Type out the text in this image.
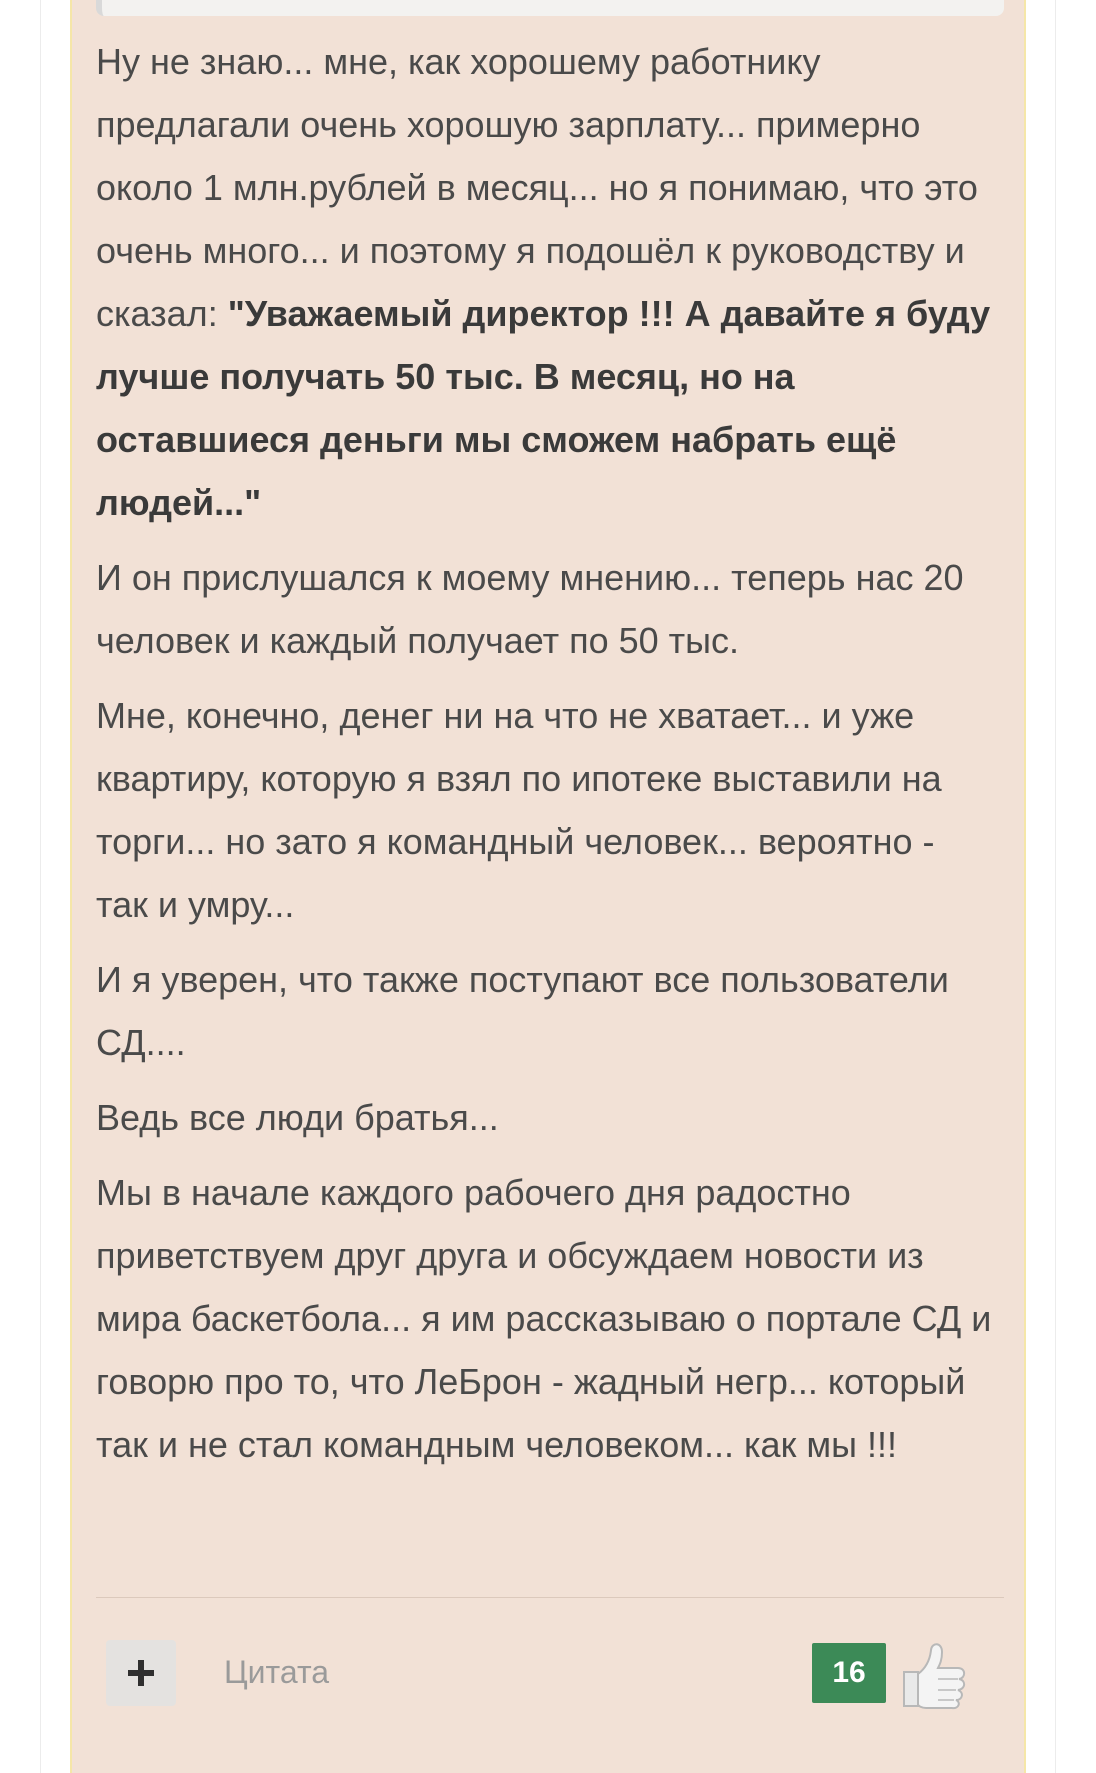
Ну не знаю... мне, как хорошему работнику предлагали очень хорошую зарплату... примерно около 1 млн.рублей в месяц... но я понимаю, что это очень много... и поэтому я подошёл к руководству и сказал: "Уважаемый директор !!! А давайте я буду лучше получать 50 тыс. В месяц, но на оставшиеся деньги мы сможем набрать ещё людей..."

И он прислушался к моему мнению... теперь нас 20 человек и каждый получает по 50 тыс.

Мне, конечно, денег ни на что не хватает... и уже квартиру, которую я взял по ипотеке выставили на торги... но зато я командный человек... вероятно - так и умру...

И я уверен, что также поступают все пользователи СД....

Ведь все люди братья...

Мы в начале каждого рабочего дня радостно приветствуем друг друга и обсуждаем новости из мира баскетбола... я им рассказываю о портале СД и говорю про то, что ЛеБрон - жадный негр... который так и не стал командным человеком... как мы !!!

Цитата	16
